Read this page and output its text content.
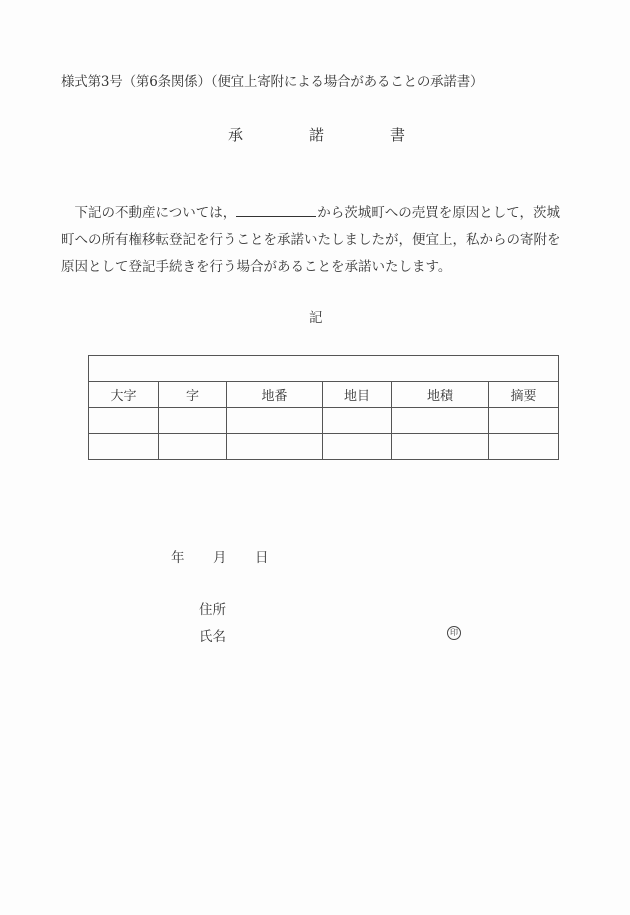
様式第3号（第6条関係）（便宜上寄附による場合があることの承諾書）
承	諾	書
　下記の不動産については，	から茨城町への売買を原因として，茨城
町への所有権移転登記を行うことを承諾いたしましたが，便宜上，私からの寄附を
原因として登記手続きを行う場合があることを承諾いたします。
記

大字	字	地番	地目	地積	摘要

年 月 日
住所
氏名	印
